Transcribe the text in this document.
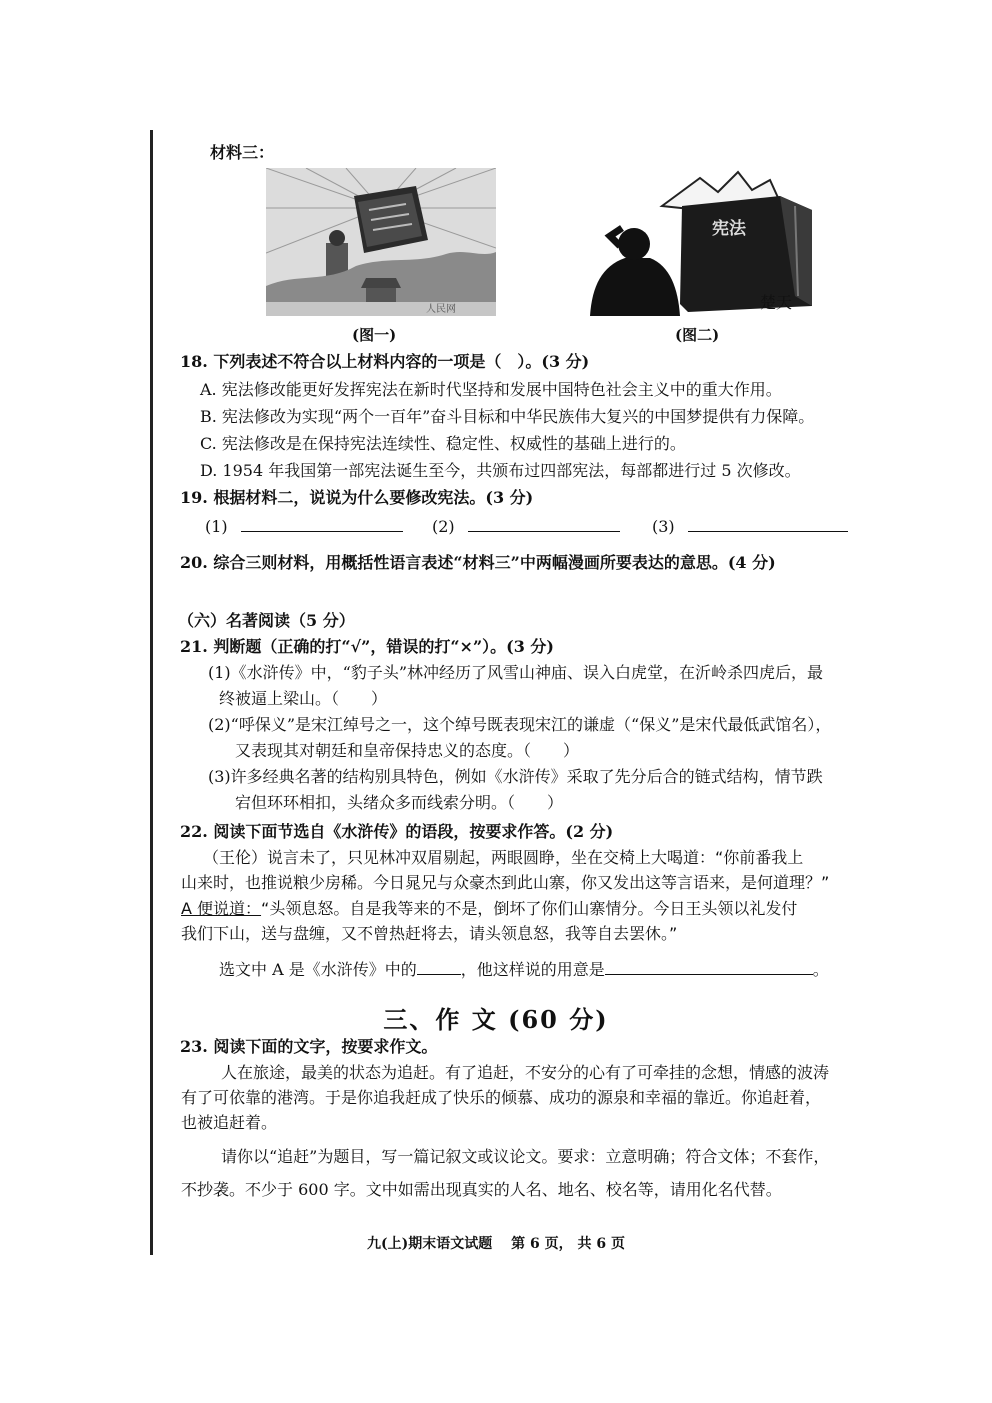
材料三：
人民网
(图一)
宪法
楚天
(图二)
18. 下列表述不符合以上材料内容的一项是（　）。(3 分)
A. 宪法修改能更好发挥宪法在新时代坚持和发展中国特色社会主义中的重大作用。
B. 宪法修改为实现“两个一百年”奋斗目标和中华民族伟大复兴的中国梦提供有力保障。
C. 宪法修改是在保持宪法连续性、稳定性、权威性的基础上进行的。
D. 1954 年我国第一部宪法诞生至今，共颁布过四部宪法，每部都进行过 5 次修改。
19. 根据材料二，说说为什么要修改宪法。(3 分)
(1)	(2)	(3)
20. 综合三则材料，用概括性语言表述“材料三”中两幅漫画所要表达的意思。(4 分)
（六）名著阅读（5 分）
21. 判断题（正确的打“√”，错误的打“×”）。(3 分)
(1)《水浒传》中，“豹子头”林冲经历了风雪山神庙、误入白虎堂，在沂岭杀四虎后，最
终被逼上梁山。（　　）
(2)“呼保义”是宋江绰号之一，这个绰号既表现宋江的谦虚（“保义”是宋代最低武馆名），
又表现其对朝廷和皇帝保持忠义的态度。（　　）
(3)许多经典名著的结构别具特色，例如《水浒传》采取了先分后合的链式结构，情节跌
宕但环环相扣，头绪众多而线索分明。（　　）
22. 阅读下面节选自《水浒传》的语段，按要求作答。(2 分)
（王伦）说言未了，只见林冲双眉剔起，两眼圆睁，坐在交椅上大喝道：“你前番我上
山来时，也推说粮少房稀。今日晁兄与众豪杰到此山寨，你又发出这等言语来，是何道理？”
A 便说道：“头领息怒。自是我等来的不是，倒坏了你们山寨情分。今日王头领以礼发付
我们下山，送与盘缠，又不曾热赶将去，请头领息怒，我等自去罢休。”
选文中 A 是《水浒传》中的	，他这样说的用意是	。
三、作 文 (60 分)
23. 阅读下面的文字，按要求作文。
人在旅途，最美的状态为追赶。有了追赶，不安分的心有了可牵挂的念想，情感的波涛
有了可依靠的港湾。于是你追我赶成了快乐的倾慕、成功的源泉和幸福的靠近。你追赶着，
也被追赶着。
请你以“追赶”为题目，写一篇记叙文或议论文。要求：立意明确；符合文体；不套作，
不抄袭。不少于 600 字。文中如需出现真实的人名、地名、校名等，请用化名代替。
九(上)期末语文试题　 第 6 页， 共 6 页
